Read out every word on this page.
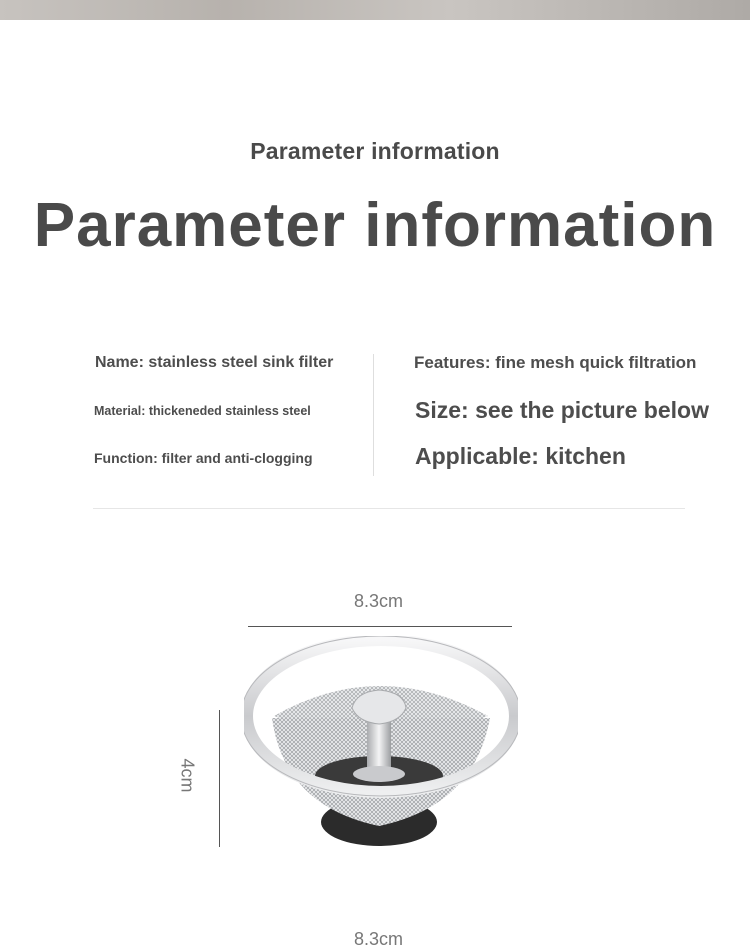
Parameter information
Parameter information
Name: stainless steel sink filter
Material: thickeneded stainless steel
Function: filter and anti-clogging
Features: fine mesh quick filtration
Size: see the picture below
Applicable: kitchen
8.3cm
4cm
8.3cm
